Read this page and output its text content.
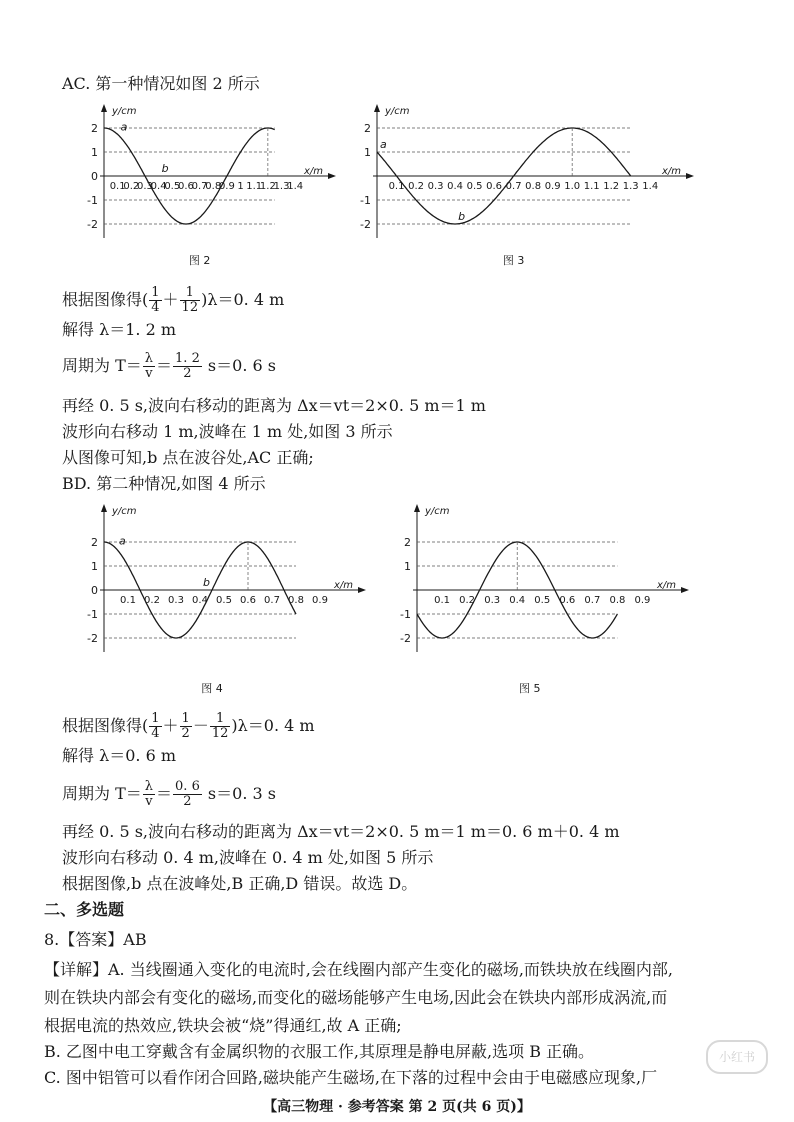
AC. 第一种情况如图 2 所示
y/cm
x/m
2
1
0
-1
-2
0.1
0.2
0.3
0.4
0.5
0.6
0.7
0.8
0.9 1 1.1
1.2
1.3
1.4
a
b
图 2
y/cm
x/m
2
1
-1
-2
0.1 0.2 0.3 0.4 0.5 0.6 0.7 0.8 0.9 1.0 1.1 1.2 1.3 1.4
a
b
图 3
根据图像得( $\frac{1}{4} + \frac{1}{12} )\lambda=0$. 4 m
解得 λ＝1. 2 m
周期为 $T= \frac{\lambda}{v} = \frac{1. 2}{2} s=0$. 6 s
再经 0. 5 s,波向右移动的距离为 Δx＝vt＝2×0. 5 m＝1 m
波形向右移动 1 m,波峰在 1 m 处,如图 3 所示
从图像可知,b 点在波谷处,AC 正确;
BD. 第二种情况,如图 4 所示
y/cm
x/m
2
1
0
-1
-2
0.1 0.2 0.3 0.4 0.5 0.6 0.7 0.8 0.9
a
b
图 4
y/cm
x/m
2
1
-1
-2
0.1 0.2 0.3 0.4 0.5 0.6 0.7 0.8 0.9
图 5
根据图像得( $\frac{1}{4} + \frac{1}{2} - \frac{1}{12} )\lambda=0$. 4 m
解得 λ＝0. 6 m
周期为 $T= \frac{\lambda}{v} = \frac{0. 6}{2} s=0$. 3 s
再经 0. 5 s,波向右移动的距离为 Δx＝vt＝2×0. 5 m＝1 m＝0. 6 m＋0. 4 m
波形向右移动 0. 4 m,波峰在 0. 4 m 处,如图 5 所示
根据图像,b 点在波峰处,B 正确,D 错误。故选 D。
二、多选题
8.【答案】AB
【详解】A. 当线圈通入变化的电流时,会在线圈内部产生变化的磁场,而铁块放在线圈内部,
则在铁块内部会有变化的磁场,而变化的磁场能够产生电场,因此会在铁块内部形成涡流,而
根据电流的热效应,铁块会被“烧”得通红,故 A 正确;
B. 乙图中电工穿戴含有金属织物的衣服工作,其原理是静电屏蔽,选项 B 正确。
C. 图中铝管可以看作闭合回路,磁块能产生磁场,在下落的过程中会由于电磁感应现象,厂
小红书
【高三物理 · 参考答案 第 2 页(共 6 页)】
